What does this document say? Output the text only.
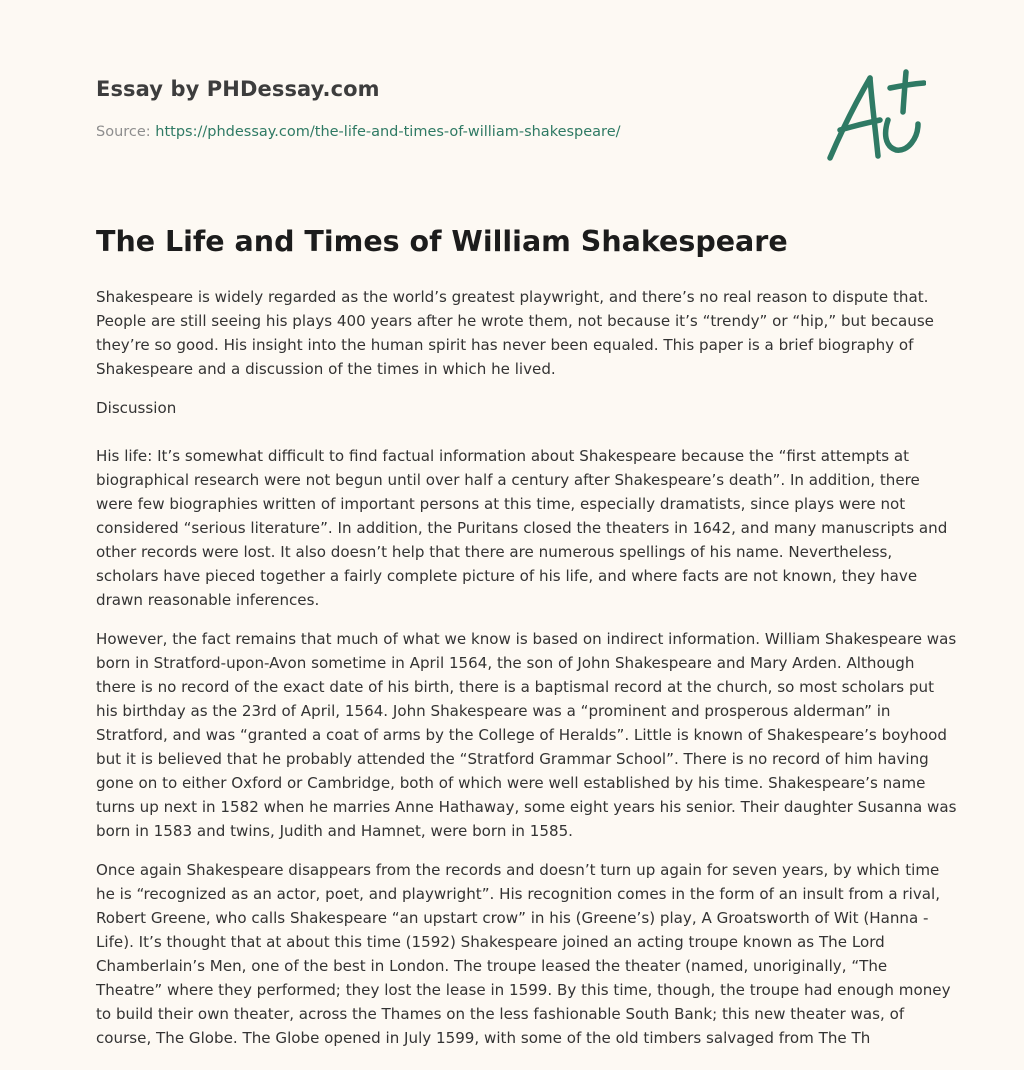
Essay by PHDessay.com
Source: https://phdessay.com/the-life-and-times-of-william-shakespeare/
The Life and Times of William Shakespeare

Shakespeare is widely regarded as the world’s greatest playwright, and there’s no real reason to dispute that. People are still seeing his plays 400 years after he wrote them, not because it’s “trendy” or “hip,” but because they’re so good. His insight into the human spirit has never been equaled. This paper is a brief biography of Shakespeare and a discussion of the times in which he lived.

Discussion

His life: It’s somewhat difficult to find factual information about Shakespeare because the “first attempts at biographical research were not begun until over half a century after Shakespeare’s death”. In addition, there were few biographies written of important persons at this time, especially dramatists, since plays were not considered “serious literature”. In addition, the Puritans closed the theaters in 1642, and many manuscripts and other records were lost. It also doesn’t help that there are numerous spellings of his name. Nevertheless, scholars have pieced together a fairly complete picture of his life, and where facts are not known, they have drawn reasonable inferences.

However, the fact remains that much of what we know is based on indirect information. William Shakespeare was born in Stratford-upon-Avon sometime in April 1564, the son of John Shakespeare and Mary Arden. Although there is no record of the exact date of his birth, there is a baptismal record at the church, so most scholars put his birthday as the 23rd of April, 1564. John Shakespeare was a “prominent and prosperous alderman” in Stratford, and was “granted a coat of arms by the College of Heralds”. Little is known of Shakespeare’s boyhood but it is believed that he probably attended the “Stratford Grammar School”. There is no record of him having gone on to either Oxford or Cambridge, both of which were well established by his time. Shakespeare’s name turns up next in 1582 when he marries Anne Hathaway, some eight years his senior. Their daughter Susanna was born in 1583 and twins, Judith and Hamnet, were born in 1585.

Once again Shakespeare disappears from the records and doesn’t turn up again for seven years, by which time he is “recognized as an actor, poet, and playwright”. His recognition comes in the form of an insult from a rival, Robert Greene, who calls Shakespeare “an upstart crow” in his (Greene’s) play, A Groatsworth of Wit (Hanna - Life). It’s thought that at about this time (1592) Shakespeare joined an acting troupe known as The Lord Chamberlain’s Men, one of the best in London. The troupe leased the theater (named, unoriginally, “The Theatre” where they performed; they lost the lease in 1599. By this time, though, the troupe had enough money to build their own theater, across the Thames on the less fashionable South Bank; this new theater was, of course, The Globe. The Globe opened in July 1599, with some of the old timbers salvaged from The Th
